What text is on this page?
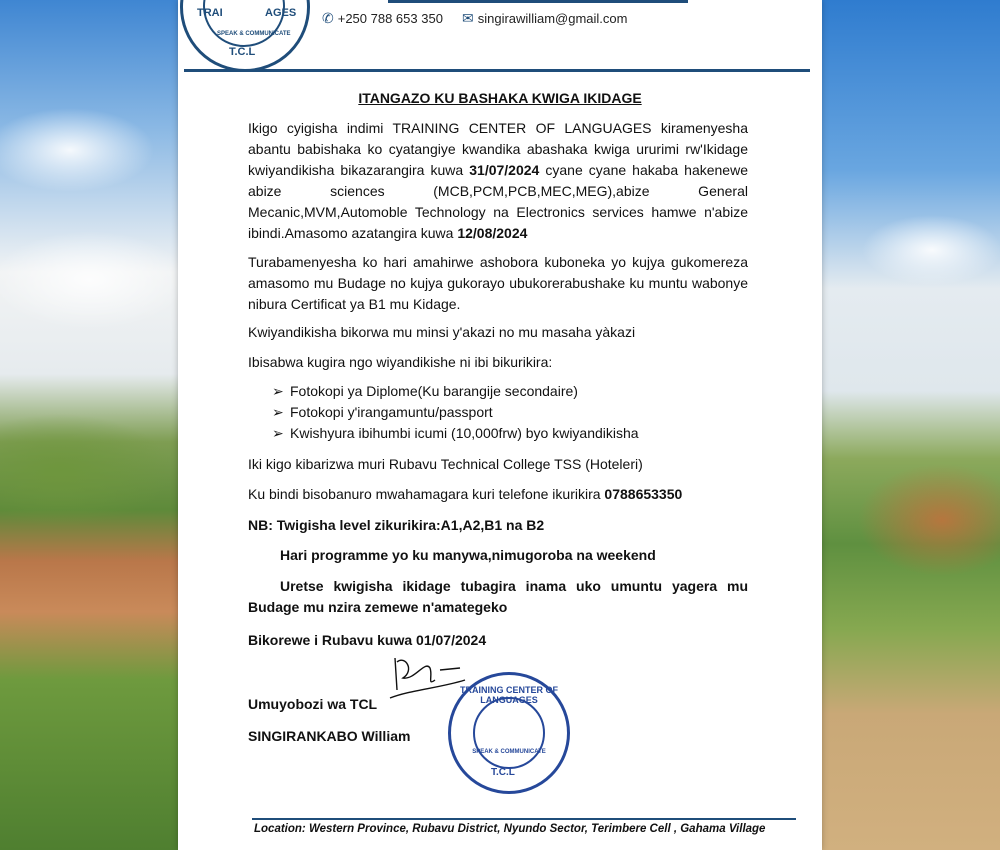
TRAI	AGES
SPEAK & COMMUNICATE
T.C.L
✆ +250 788 653 350 ✉ singirawilliam@gmail.com
ITANGAZO KU BASHAKA KWIGA IKIDAGE
Ikigo cyigisha indimi TRAINING CENTER OF LANGUAGES kiramenyesha abantu babishaka ko cyatangiye kwandika abashaka kwiga ururimi rw'Ikidage kwiyandikisha bikazarangira kuwa 31/07/2024 cyane cyane hakaba hakenewe abize sciences (MCB,PCM,PCB,MEC,MEG),abize General Mecanic,MVM,Automoble Technology na Electronics services hamwe n'abize ibindi.Amasomo azatangira kuwa 12/08/2024
Turabamenyesha ko hari amahirwe ashobora kuboneka yo kujya gukomereza amasomo mu Budage no kujya gukorayo ubukorerabushake ku muntu wabonye nibura Certificat ya B1 mu Kidage.
Kwiyandikisha bikorwa mu minsi y'akazi no mu masaha yàkazi
Ibisabwa kugira ngo wiyandikishe ni ibi bikurikira:
➢ Fotokopi ya Diplome(Ku barangije secondaire)
➢ Fotokopi y'irangamuntu/passport
➢ Kwishyura ibihumbi icumi (10,000frw) byo kwiyandikisha
Iki kigo kibarizwa muri Rubavu Technical College TSS (Hoteleri)
Ku bindi bisobanuro mwahamagara kuri telefone ikurikira 0788653350
NB: Twigisha level zikurikira:A1,A2,B1 na B2
Hari programme yo ku manywa,nimugoroba na weekend
Uretse kwigisha ikidage tubagira inama uko umuntu yagera mu Budage mu nzira zemewe n'amategeko
Bikorewe i Rubavu kuwa 01/07/2024
Umuyobozi wa TCL
SINGIRANKABO William
TRAINING CENTER OF LANGUAGES
SPEAK & COMMUNICATE
T.C.L
Location: Western Province, Rubavu District, Nyundo Sector, Terimbere Cell , Gahama Village
